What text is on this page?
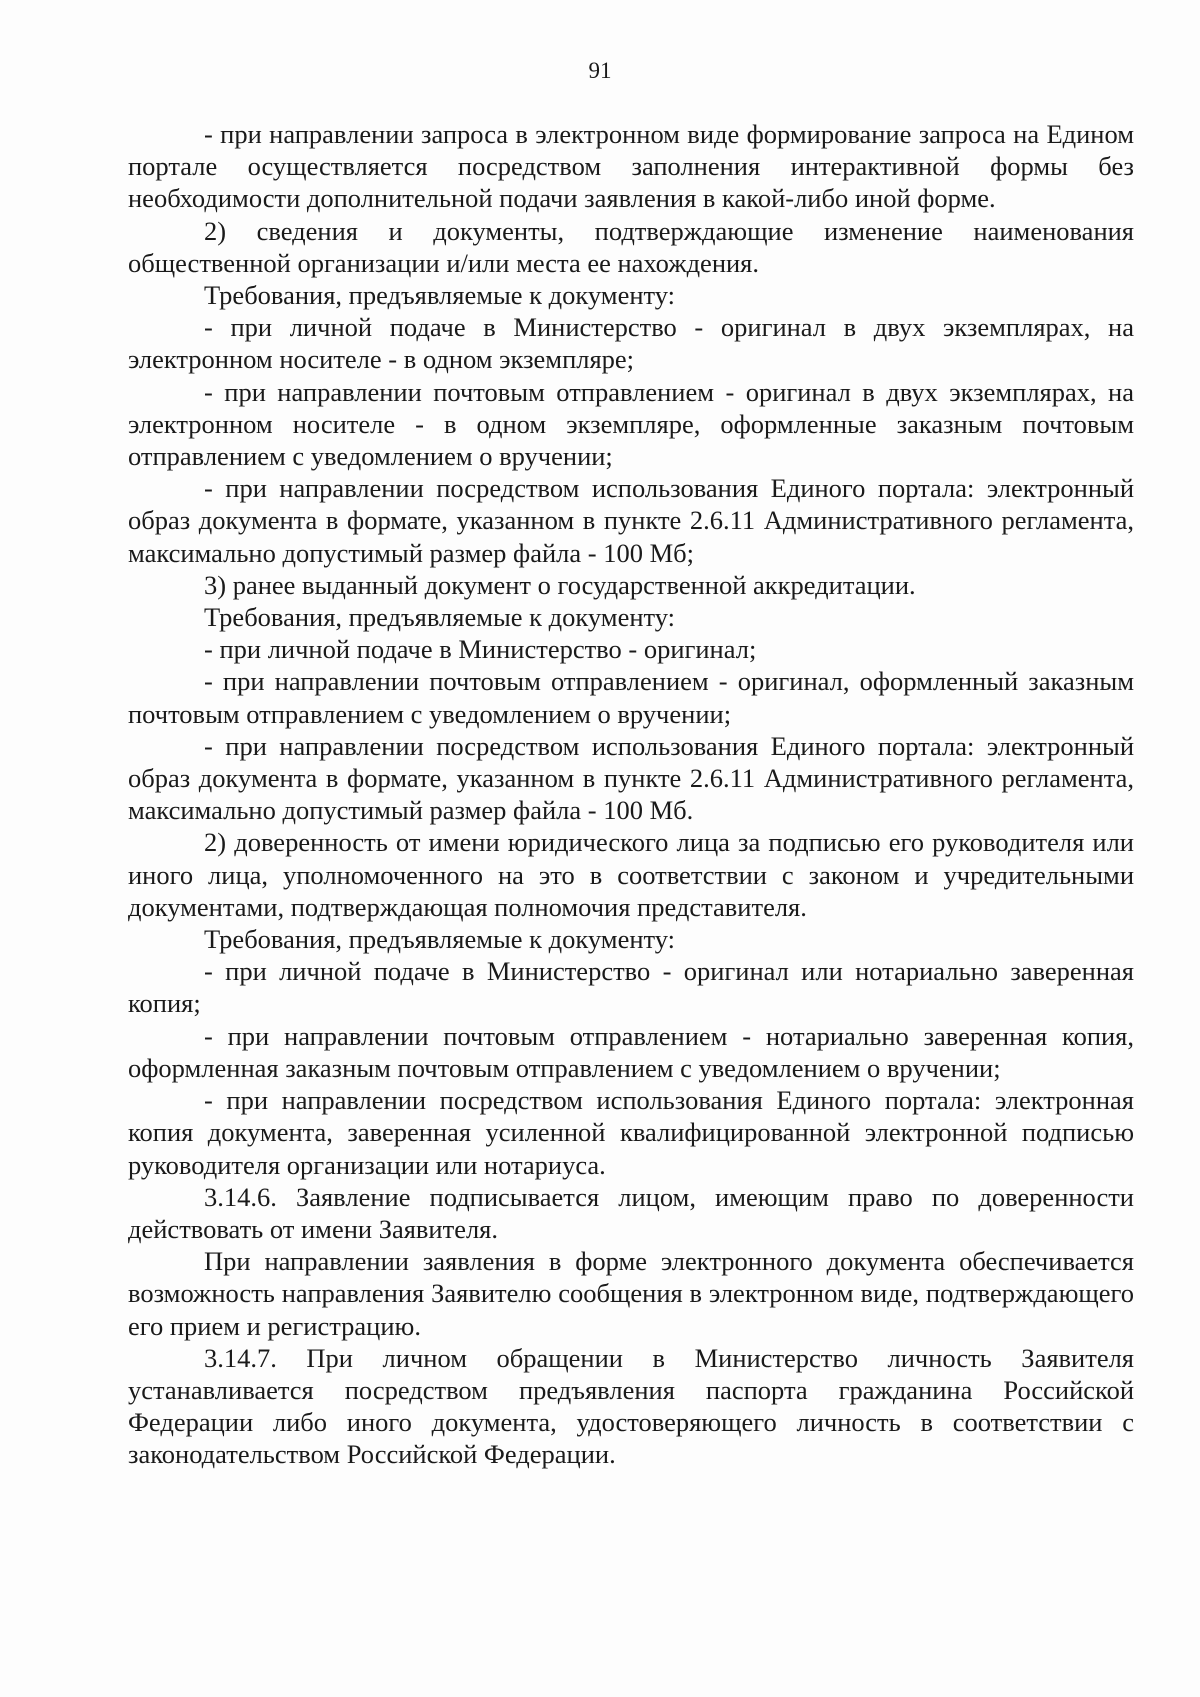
91

- при направлении запроса в электронном виде формирование запроса на Едином портале осуществляется посредством заполнения интерактивной формы без необходимости дополнительной подачи заявления в какой-либо иной форме.

2) сведения и документы, подтверждающие изменение наименования общественной организации и/или места ее нахождения.

Требования, предъявляемые к документу:

- при личной подаче в Министерство - оригинал в двух экземплярах, на электронном носителе - в одном экземпляре;

- при направлении почтовым отправлением - оригинал в двух экземплярах, на электронном носителе - в одном экземпляре, оформленные заказным почтовым отправлением с уведомлением о вручении;

- при направлении посредством использования Единого портала: электронный образ документа в формате, указанном в пункте 2.6.11 Административного регламента, максимально допустимый размер файла - 100 Мб;

3) ранее выданный документ о государственной аккредитации.

Требования, предъявляемые к документу:

- при личной подаче в Министерство - оригинал;

- при направлении почтовым отправлением - оригинал, оформленный заказным почтовым отправлением с уведомлением о вручении;

- при направлении посредством использования Единого портала: электронный образ документа в формате, указанном в пункте 2.6.11 Административного регламента, максимально допустимый размер файла - 100 Мб.

2) доверенность от имени юридического лица за подписью его руководителя или иного лица, уполномоченного на это в соответствии с законом и учредительными документами, подтверждающая полномочия представителя.

Требования, предъявляемые к документу:

- при личной подаче в Министерство - оригинал или нотариально заверенная копия;

- при направлении почтовым отправлением - нотариально заверенная копия, оформленная заказным почтовым отправлением с уведомлением о вручении;

- при направлении посредством использования Единого портала: электронная копия документа, заверенная усиленной квалифицированной электронной подписью руководителя организации или нотариуса.

3.14.6. Заявление подписывается лицом, имеющим право по доверенности действовать от имени Заявителя.

При направлении заявления в форме электронного документа обеспечивается возможность направления Заявителю сообщения в электронном виде, подтверждающего его прием и регистрацию.

3.14.7. При личном обращении в Министерство личность Заявителя устанавливается посредством предъявления паспорта гражданина Российской Федерации либо иного документа, удостоверяющего личность в соответствии с законодательством Российской Федерации.
